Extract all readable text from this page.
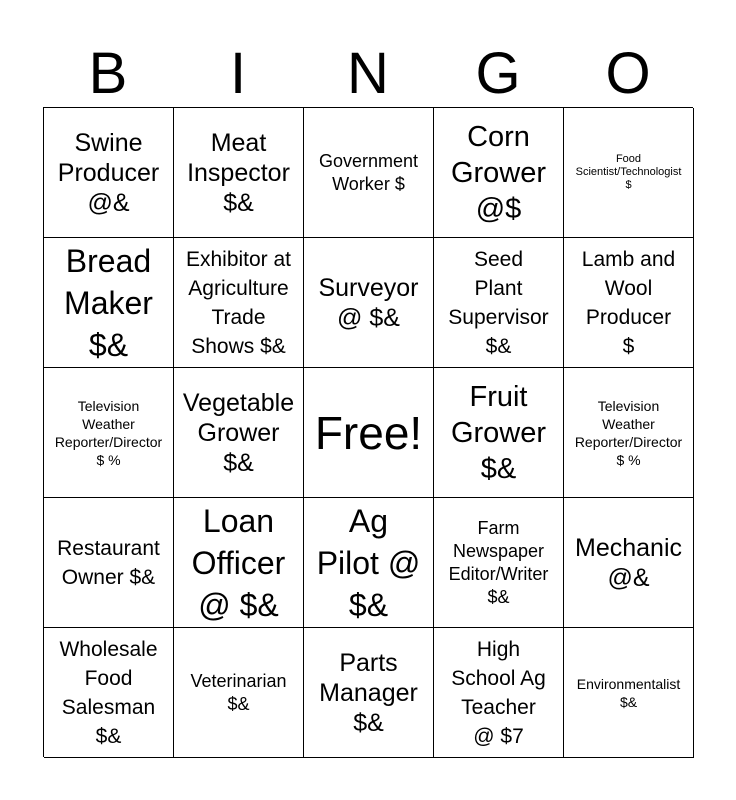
B	I	N	G	O
Swine
Producer
@&
Meat
Inspector
$&
Government
Worker $
Corn
Grower
@$
Food
Scientist/Technologist
$
Bread
Maker
$&
Exhibitor at
Agriculture
Trade
Shows $&
Surveyor
@ $&
Seed
Plant
Supervisor
$&
Lamb and
Wool
Producer
$
Television
Weather
Reporter/Director
$ %
Vegetable
Grower
$&
Free!
Fruit
Grower
$&
Television
Weather
Reporter/Director
$ %
Restaurant
Owner $&
Loan
Officer
@ $&
Ag
Pilot @
$&
Farm
Newspaper
Editor/Writer
$&
Mechanic
@&
Wholesale
Food
Salesman
$&
Veterinarian
$&
Parts
Manager
$&
High
School Ag
Teacher
@ $7
Environmentalist
$&
